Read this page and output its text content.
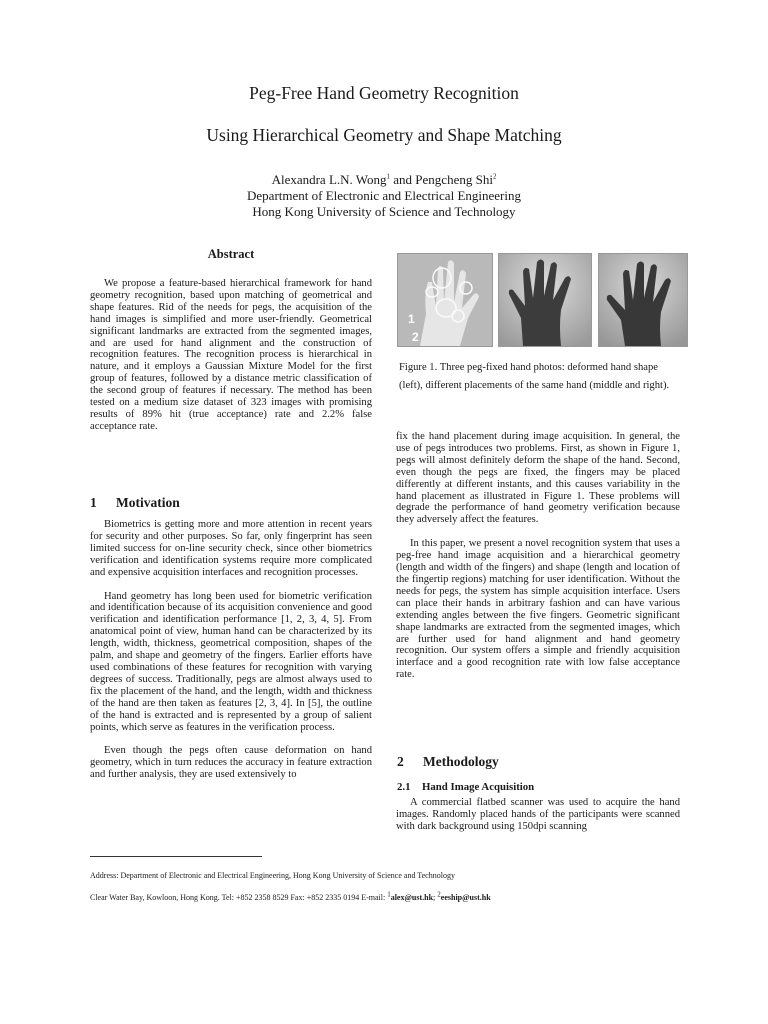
Peg-Free Hand Geometry Recognition
Using Hierarchical Geometry and Shape Matching
Alexandra L.N. Wong$^1$ and Pengcheng Shi$^2$
Department of Electronic and Electrical Engineering
Hong Kong University of Science and Technology
Abstract

We propose a feature-based hierarchical framework for hand geometry recognition, based upon matching of geometrical and shape features. Rid of the needs for pegs, the acquisition of the hand images is simplified and more user-friendly. Geometrical significant landmarks are extracted from the segmented images, and are used for hand alignment and the construction of recognition features. The recognition process is hierarchical in nature, and it employs a Gaussian Mixture Model for the first group of features, followed by a distance metric classification of the second group of features if necessary. The method has been tested on a medium size dataset of 323 images with promising results of 89% hit (true acceptance) rate and 2.2% false acceptance rate.

1 Motivation

Biometrics is getting more and more attention in recent years for security and other purposes. So far, only fingerprint has seen limited success for on-line security check, since other biometrics verification and identification systems require more complicated and expensive acquisition interfaces and recognition processes.

Hand geometry has long been used for biometric verification and identification because of its acquisition convenience and good verification and identification performance [1, 2, 3, 4, 5]. From anatomical point of view, human hand can be characterized by its length, width, thickness, geometrical composition, shapes of the palm, and shape and geometry of the fingers. Earlier efforts have used combinations of these features for recognition with varying degrees of success. Traditionally, pegs are almost always used to fix the placement of the hand, and the length, width and thickness of the hand are then taken as features [2, 3, 4]. In [5], the outline of the hand is extracted and is represented by a group of salient points, which serve as features in the verification process.

Even though the pegs often cause deformation on hand geometry, which in turn reduces the accuracy in feature extraction and further analysis, they are used extensively to

1
2
Figure 1. Three peg-fixed hand photos: deformed hand shape (left), different placements of the same hand (middle and right).

fix the hand placement during image acquisition. In general, the use of pegs introduces two problems. First, as shown in Figure 1, pegs will almost definitely deform the shape of the hand. Second, even though the pegs are fixed, the fingers may be placed differently at different instants, and this causes variability in the hand placement as illustrated in Figure 1. These problems will degrade the performance of hand geometry verification because they adversely affect the features.

In this paper, we present a novel recognition system that uses a peg-free hand image acquisition and a hierarchical geometry (length and width of the fingers) and shape (length and location of the fingertip regions) matching for user identification. Without the needs for pegs, the system has simple acquisition interface. Users can place their hands in arbitrary fashion and can have various extending angles between the five fingers. Geometric significant shape landmarks are extracted from the segmented images, which are further used for hand alignment and hand geometry recognition. Our system offers a simple and friendly acquisition interface and a good recognition rate with low false acceptance rate.

2 Methodology
2.1 Hand Image Acquisition

A commercial flatbed scanner was used to acquire the hand images. Randomly placed hands of the participants were scanned with dark background using 150dpi scanning

Address: Department of Electronic and Electrical Engineering, Hong Kong University of Science and Technology
Clear Water Bay, Kowloon, Hong Kong. Tel: +852 2358 8529 Fax: +852 2335 0194 E-mail: $^1$alex@ust.hk; $^2$eeship@ust.hk
